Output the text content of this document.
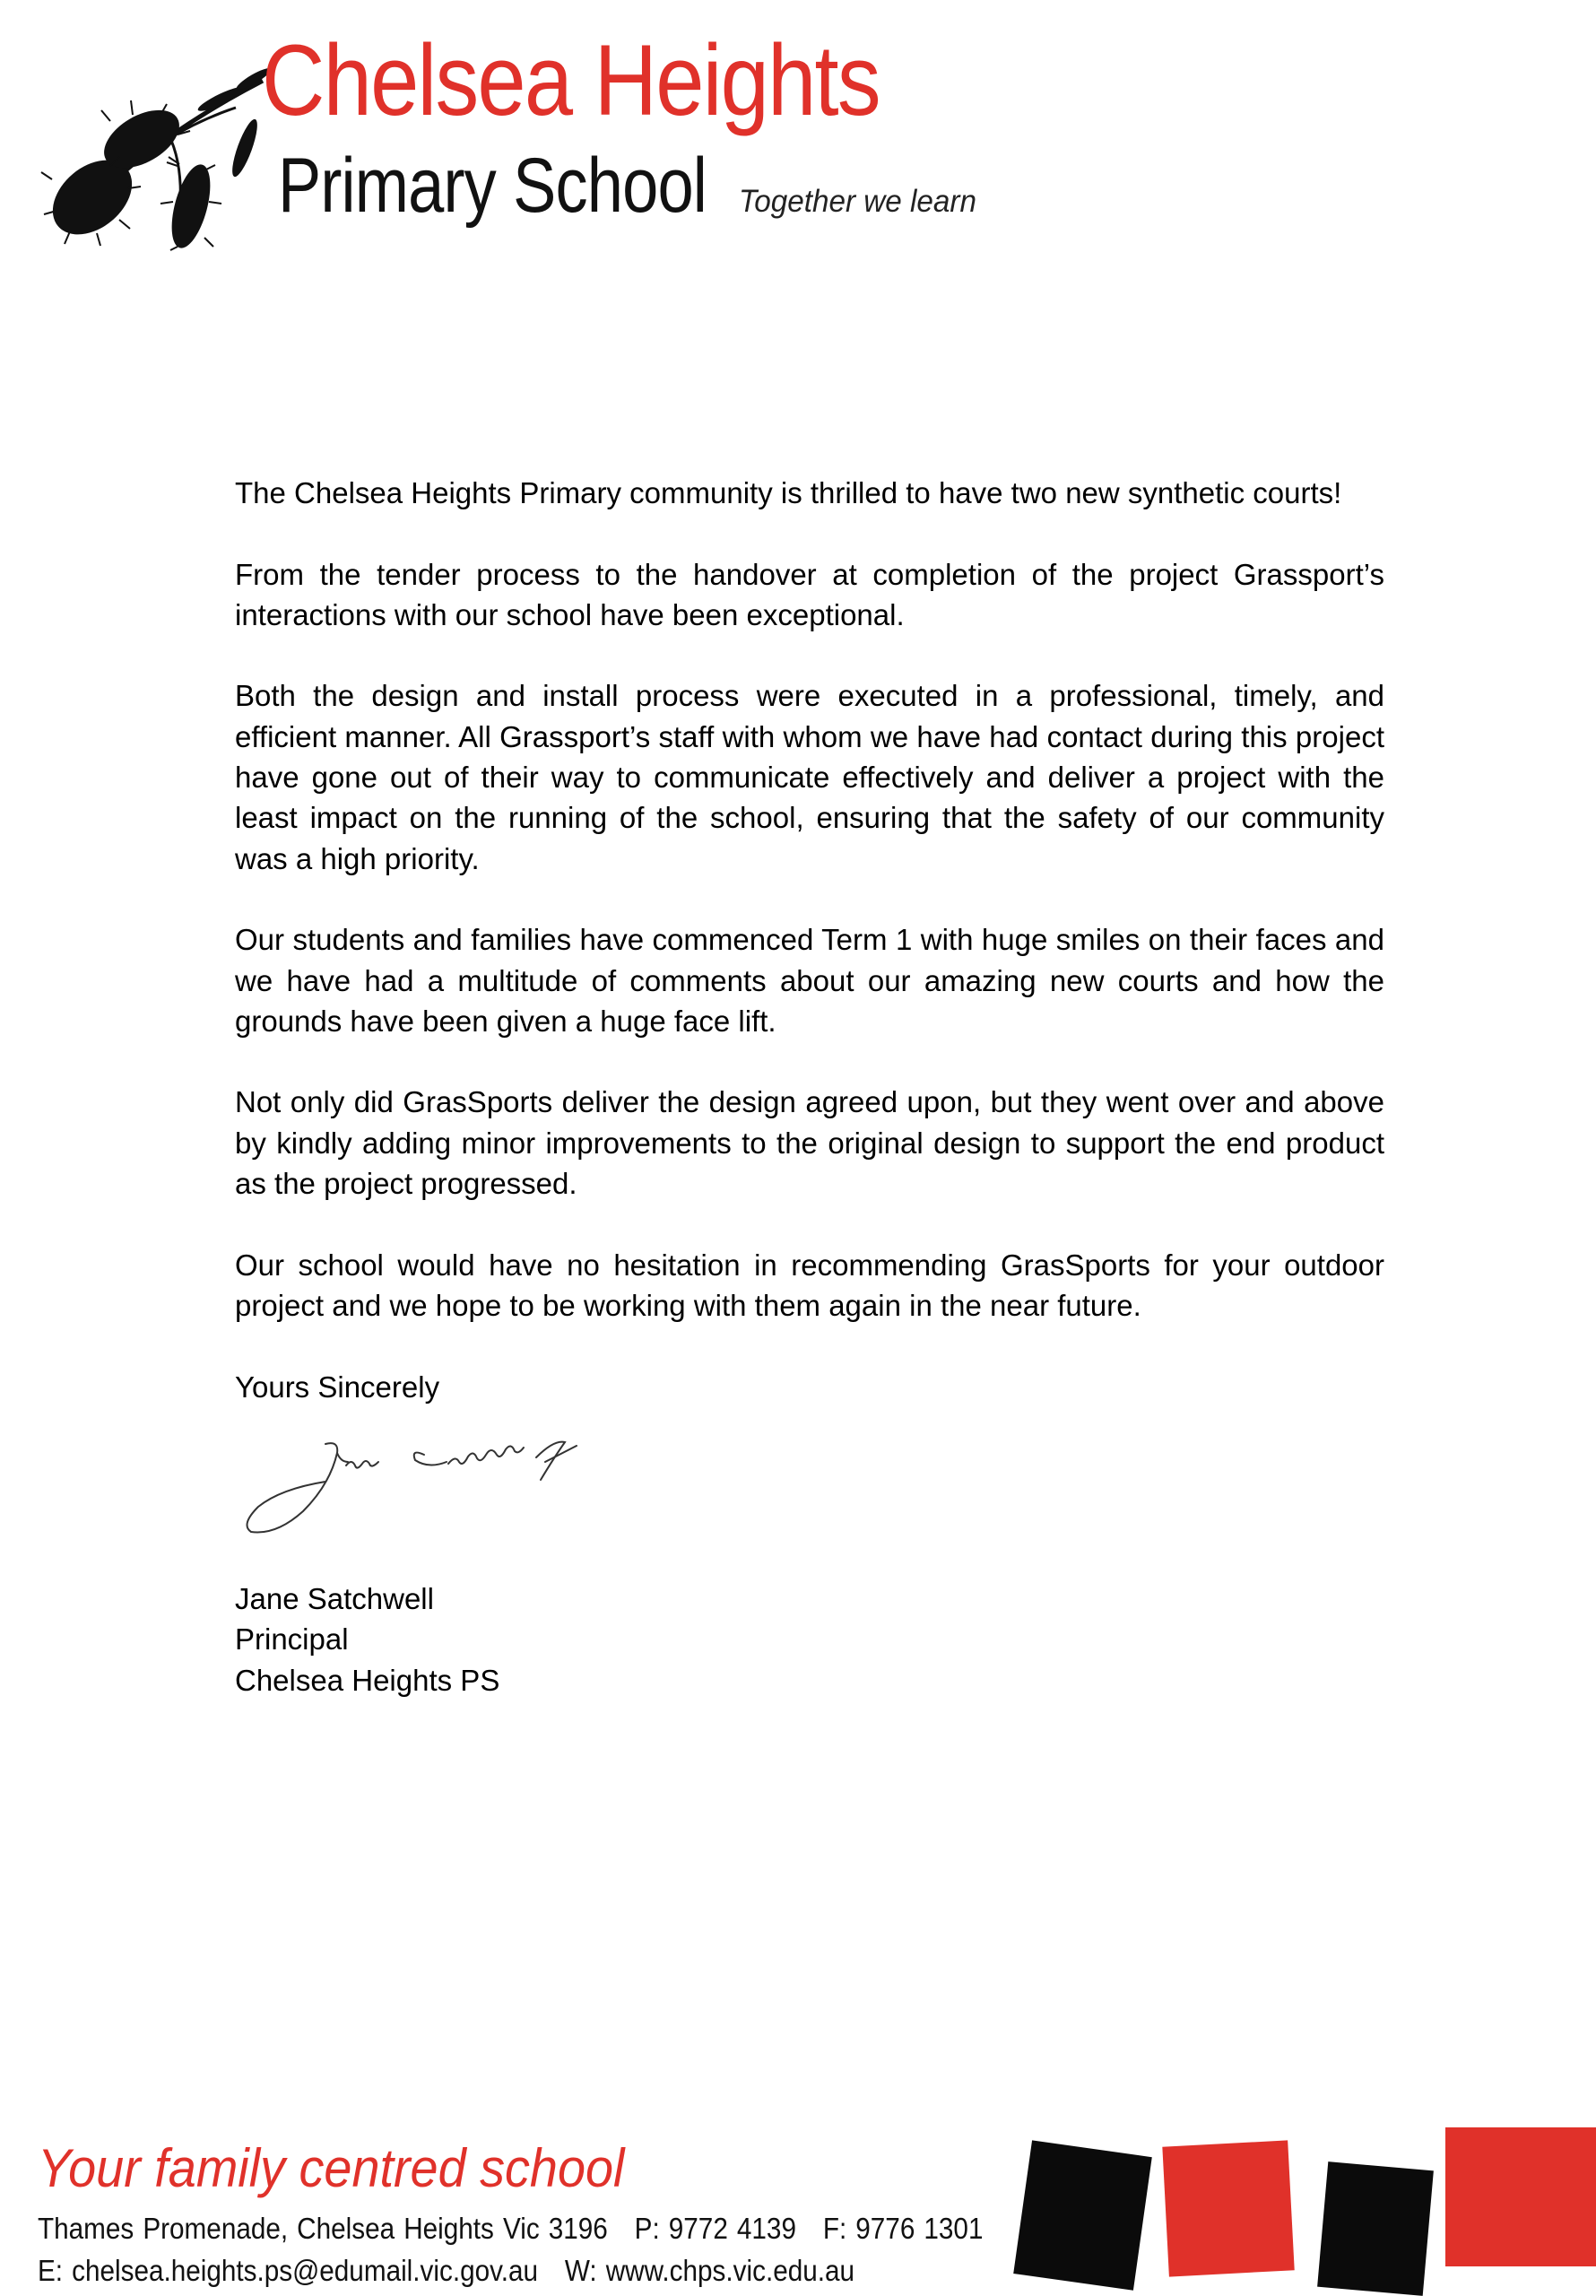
Chelsea Heights
Primary School Together we learn

The Chelsea Heights Primary community is thrilled to have two new synthetic courts!

From the tender process to the handover at completion of the project Grassport’s interactions with our school have been exceptional.

Both the design and install process were executed in a professional, timely, and efficient manner. All Grassport’s staff with whom we have had contact during this project have gone out of their way to communicate effectively and deliver a project with the least impact on the running of the school, ensuring that the safety of our community was a high priority.

Our students and families have commenced Term 1 with huge smiles on their faces and we have had a multitude of comments about our amazing new courts and how the grounds have been given a huge face lift.

Not only did GrasSports deliver the design agreed upon, but they went over and above by kindly adding minor improvements to the original design to support the end product as the project progressed.

Our school would have no hesitation in recommending GrasSports for your outdoor project and we hope to be working with them again in the near future.

Yours Sincerely

Jane Satchwell
Principal
Chelsea Heights PS
Your family centred school
Thames Promenade, Chelsea Heights Vic 3196 P: 9772 4139 F: 9776 1301
E: chelsea.heights.ps@edumail.vic.gov.au W: www.chps.vic.edu.au
